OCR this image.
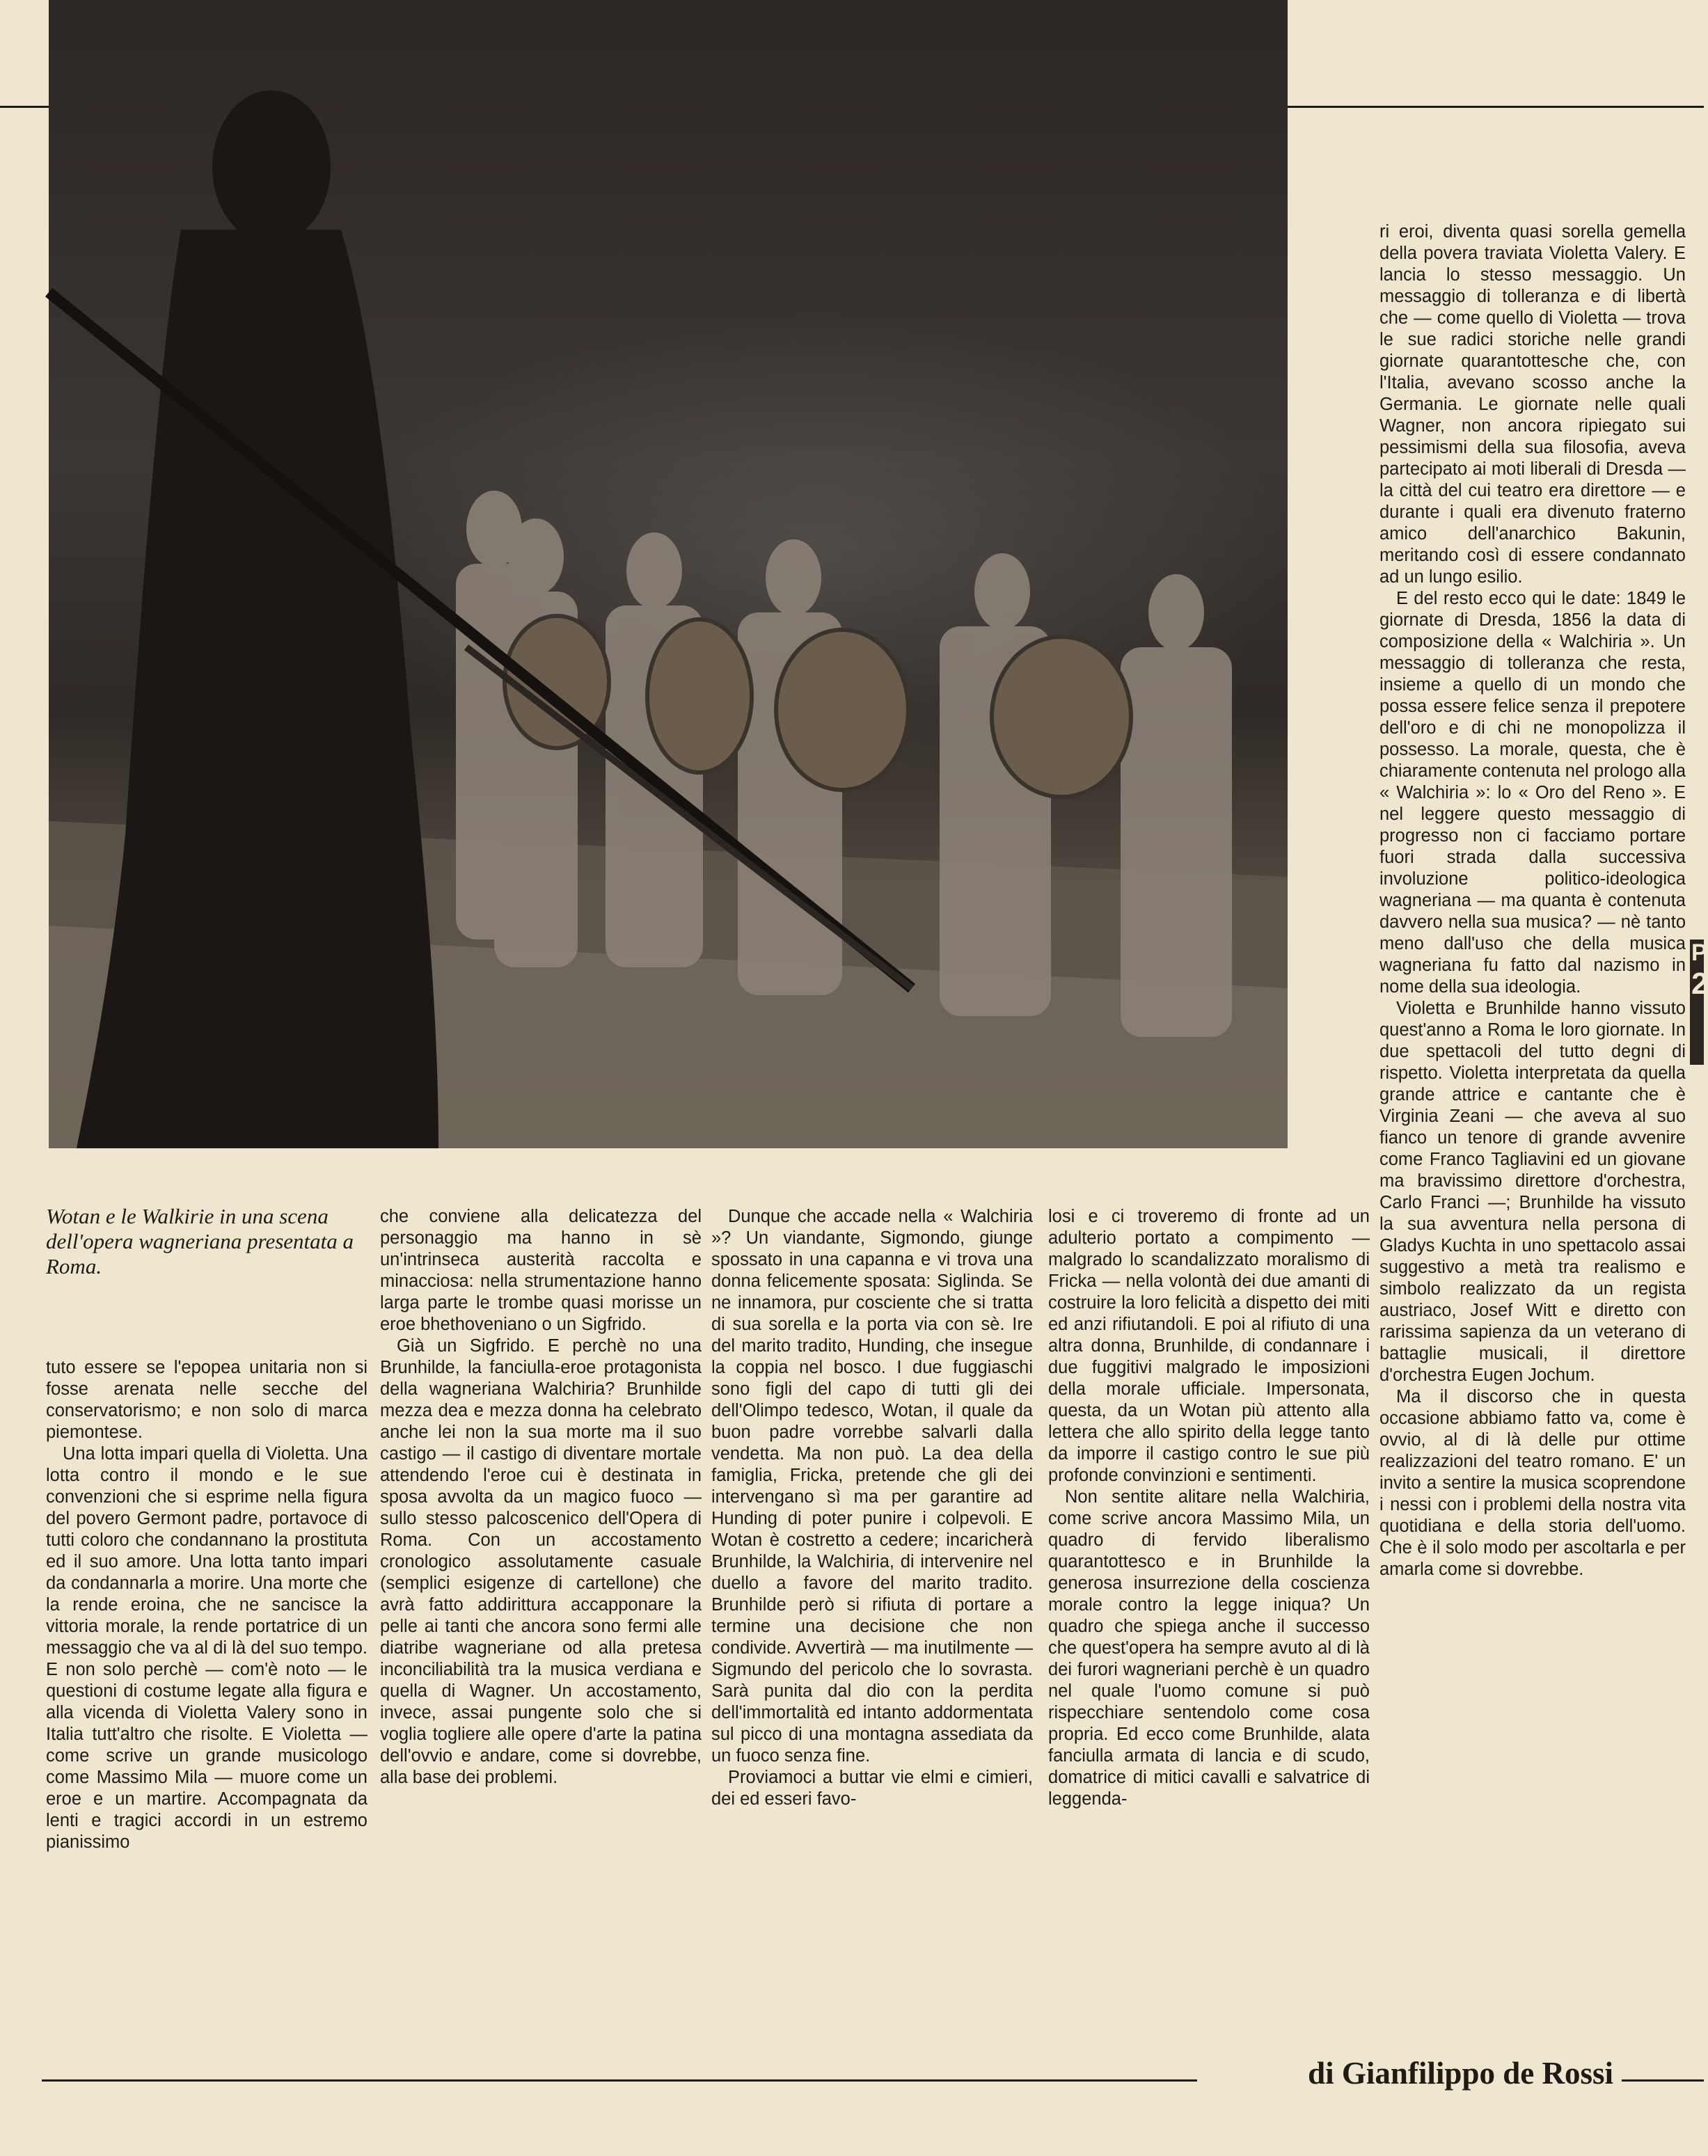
Wotan e le Walkirie in una scena dell'opera wagneriana presentata a Roma.

tuto essere se l'epopea unitaria non si fosse arenata nelle secche del conservatorismo; e non solo di marca piemontese.

Una lotta impari quella di Violetta. Una lotta contro il mondo e le sue convenzioni che si esprime nella figura del povero Germont padre, portavoce di tutti coloro che condannano la prostituta ed il suo amore. Una lotta tanto impari da condannarla a morire. Una morte che la rende eroina, che ne sancisce la vittoria morale, la rende portatrice di un messaggio che va al di là del suo tempo. E non solo perchè — com'è noto — le questioni di costume legate alla figura e alla vicenda di Violetta Valery sono in Italia tutt'altro che risolte. E Violetta — come scrive un grande musicologo come Massimo Mila — muore come un eroe e un martire. Accompagnata da lenti e tragici accordi in un estremo pianissimo

che conviene alla delicatezza del personaggio ma hanno in sè un'intrinseca austerità raccolta e minacciosa: nella strumentazione hanno larga parte le trombe quasi morisse un eroe bhethoveniano o un Sigfrido.

Già un Sigfrido. E perchè no una Brunhilde, la fanciulla-eroe protagonista della wagneriana Walchiria? Brunhilde mezza dea e mezza donna ha celebrato anche lei non la sua morte ma il suo castigo — il castigo di diventare mortale attendendo l'eroe cui è destinata in sposa avvolta da un magico fuoco — sullo stesso palcoscenico dell'Opera di Roma. Con un accostamento cronologico assolutamente casuale (semplici esigenze di cartellone) che avrà fatto addirittura accapponare la pelle ai tanti che ancora sono fermi alle diatribe wagneriane od alla pretesa inconciliabilità tra la musica verdiana e quella di Wagner. Un accostamento, invece, assai pungente solo che si voglia togliere alle opere d'arte la patina dell'ovvio e andare, come si dovrebbe, alla base dei problemi.

Dunque che accade nella « Walchiria »? Un viandante, Sigmondo, giunge spossato in una capanna e vi trova una donna felicemente sposata: Siglinda. Se ne innamora, pur cosciente che si tratta di sua sorella e la porta via con sè. Ire del marito tradito, Hunding, che insegue la coppia nel bosco. I due fuggiaschi sono figli del capo di tutti gli dei dell'Olimpo tedesco, Wotan, il quale da buon padre vorrebbe salvarli dalla vendetta. Ma non può. La dea della famiglia, Fricka, pretende che gli dei intervengano sì ma per garantire ad Hunding di poter punire i colpevoli. E Wotan è costretto a cedere; incaricherà Brunhilde, la Walchiria, di intervenire nel duello a favore del marito tradito. Brunhilde però si rifiuta di portare a termine una decisione che non condivide. Avvertirà — ma inutilmente — Sigmundo del pericolo che lo sovrasta. Sarà punita dal dio con la perdita dell'immortalità ed intanto addormentata sul picco di una montagna assediata da un fuoco senza fine.

Proviamoci a buttar vie elmi e cimieri, dei ed esseri favo-

losi e ci troveremo di fronte ad un adulterio portato a compimento — malgrado lo scandalizzato moralismo di Fricka — nella volontà dei due amanti di costruire la loro felicità a dispetto dei miti ed anzi rifiutandoli. E poi al rifiuto di una altra donna, Brunhilde, di condannare i due fuggitivi malgrado le imposizioni della morale ufficiale. Impersonata, questa, da un Wotan più attento alla lettera che allo spirito della legge tanto da imporre il castigo contro le sue più profonde convinzioni e sentimenti.

Non sentite alitare nella Walchiria, come scrive ancora Massimo Mila, un quadro di fervido liberalismo quarantottesco e in Brunhilde la generosa insurrezione della coscienza morale contro la legge iniqua? Un quadro che spiega anche il successo che quest'opera ha sempre avuto al di là dei furori wagneriani perchè è un quadro nel quale l'uomo comune si può rispecchiare sentendolo come cosa propria. Ed ecco come Brunhilde, alata fanciulla armata di lancia e di scudo, domatrice di mitici cavalli e salvatrice di leggenda-

ri eroi, diventa quasi sorella gemella della povera traviata Violetta Valery. E lancia lo stesso messaggio. Un messaggio di tolleranza e di libertà che — come quello di Violetta — trova le sue radici storiche nelle grandi giornate quarantottesche che, con l'Italia, avevano scosso anche la Germania. Le giornate nelle quali Wagner, non ancora ripiegato sui pessimismi della sua filosofia, aveva partecipato ai moti liberali di Dresda — la città del cui teatro era direttore — e durante i quali era divenuto fraterno amico dell'anarchico Bakunin, meritando così di essere condannato ad un lungo esilio.

E del resto ecco qui le date: 1849 le giornate di Dresda, 1856 la data di composizione della « Walchiria ». Un messaggio di tolleranza che resta, insieme a quello di un mondo che possa essere felice senza il prepotere dell'oro e di chi ne monopolizza il possesso. La morale, questa, che è chiaramente contenuta nel prologo alla « Walchiria »: lo « Oro del Reno ». E nel leggere questo messaggio di progresso non ci facciamo portare fuori strada dalla successiva involuzione politico-ideologica wagneriana — ma quanta è contenuta davvero nella sua musica? — nè tanto meno dall'uso che della musica wagneriana fu fatto dal nazismo in nome della sua ideologia.

Violetta e Brunhilde hanno vissuto quest'anno a Roma le loro giornate. In due spettacoli del tutto degni di rispetto. Violetta interpretata da quella grande attrice e cantante che è Virginia Zeani — che aveva al suo fianco un tenore di grande avvenire come Franco Tagliavini ed un giovane ma bravissimo direttore d'orchestra, Carlo Franci —; Brunhilde ha vissuto la sua avventura nella persona di Gladys Kuchta in uno spettacolo assai suggestivo a metà tra realismo e simbolo realizzato da un regista austriaco, Josef Witt e diretto con rarissima sapienza da un veterano di battaglie musicali, il direttore d'orchestra Eugen Jochum.

Ma il discorso che in questa occasione abbiamo fatto va, come è ovvio, al di là delle pur ottime realizzazioni del teatro romano. E' un invito a sentire la musica scoprendone i nessi con i problemi della nostra vita quotidiana e della storia dell'uomo. Che è il solo modo per ascoltarla e per amarla come si dovrebbe.

P
2
di Gianfilippo de Rossi
